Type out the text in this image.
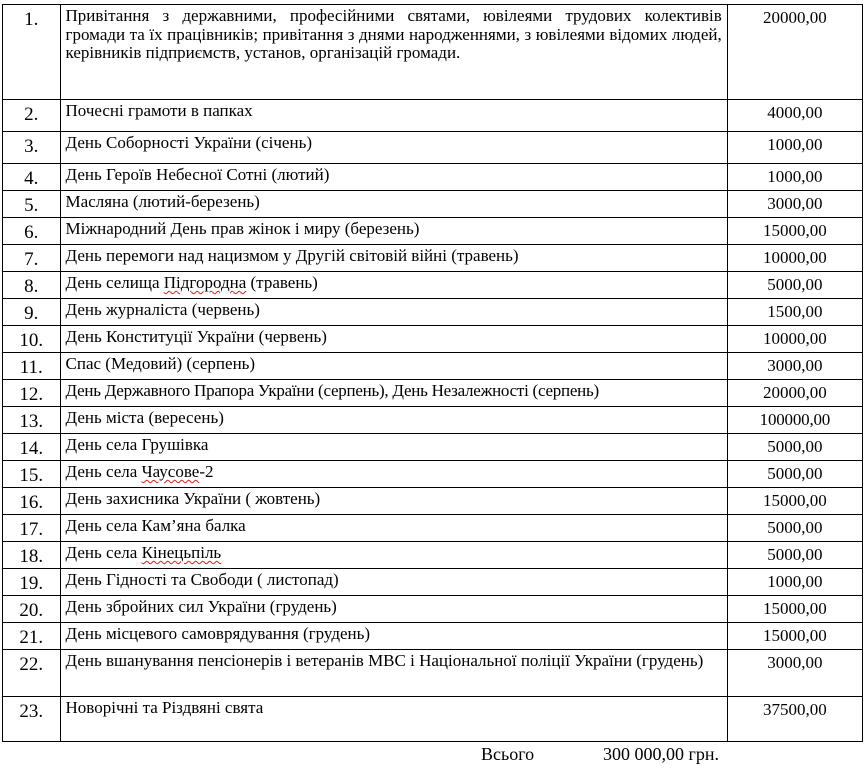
1.	Привітання з державними, професійними святами, ювілеями трудових колективів громади та їх працівників; привітання з днями народженнями, з ювілеями відомих людей, керівників підприємств, установ, організацій громади.	20000,00
2.	Почесні грамоти в папках	4000,00
3.	День Соборності України (січень)	1000,00
4.	День Героїв Небесної Сотні (лютий)	1000,00
5.	Масляна (лютий-березень)	3000,00
6.	Міжнародний День прав жінок і миру (березень)	15000,00
7.	День перемоги над нацизмом у Другій світовій війні (травень)	10000,00
8.	День селища Підгородна (травень)	5000,00
9.	День журналіста (червень)	1500,00
10.	День Конституції України (червень)	10000,00
11.	Спас (Медовий) (серпень)	3000,00
12.	День Державного Прапора України (серпень), День Незалежності (серпень)	20000,00
13.	День міста (вересень)	100000,00
14.	День села Грушівка	5000,00
15.	День села Чаусове-2	5000,00
16.	День захисника України ( жовтень)	15000,00
17.	День села Кам’яна балка	5000,00
18.	День села Кінецьпіль	5000,00
19.	День Гідності та Свободи ( листопад)	1000,00
20.	День збройних сил України (грудень)	15000,00
21.	День місцевого самоврядування (грудень)	15000,00
22.	День вшанування пенсіонерів і ветеранів МВС і Національної поліції України (грудень)	3000,00
23.	Новорічні та Різдвяні свята	37500,00
Всього	300 000,00 грн.
